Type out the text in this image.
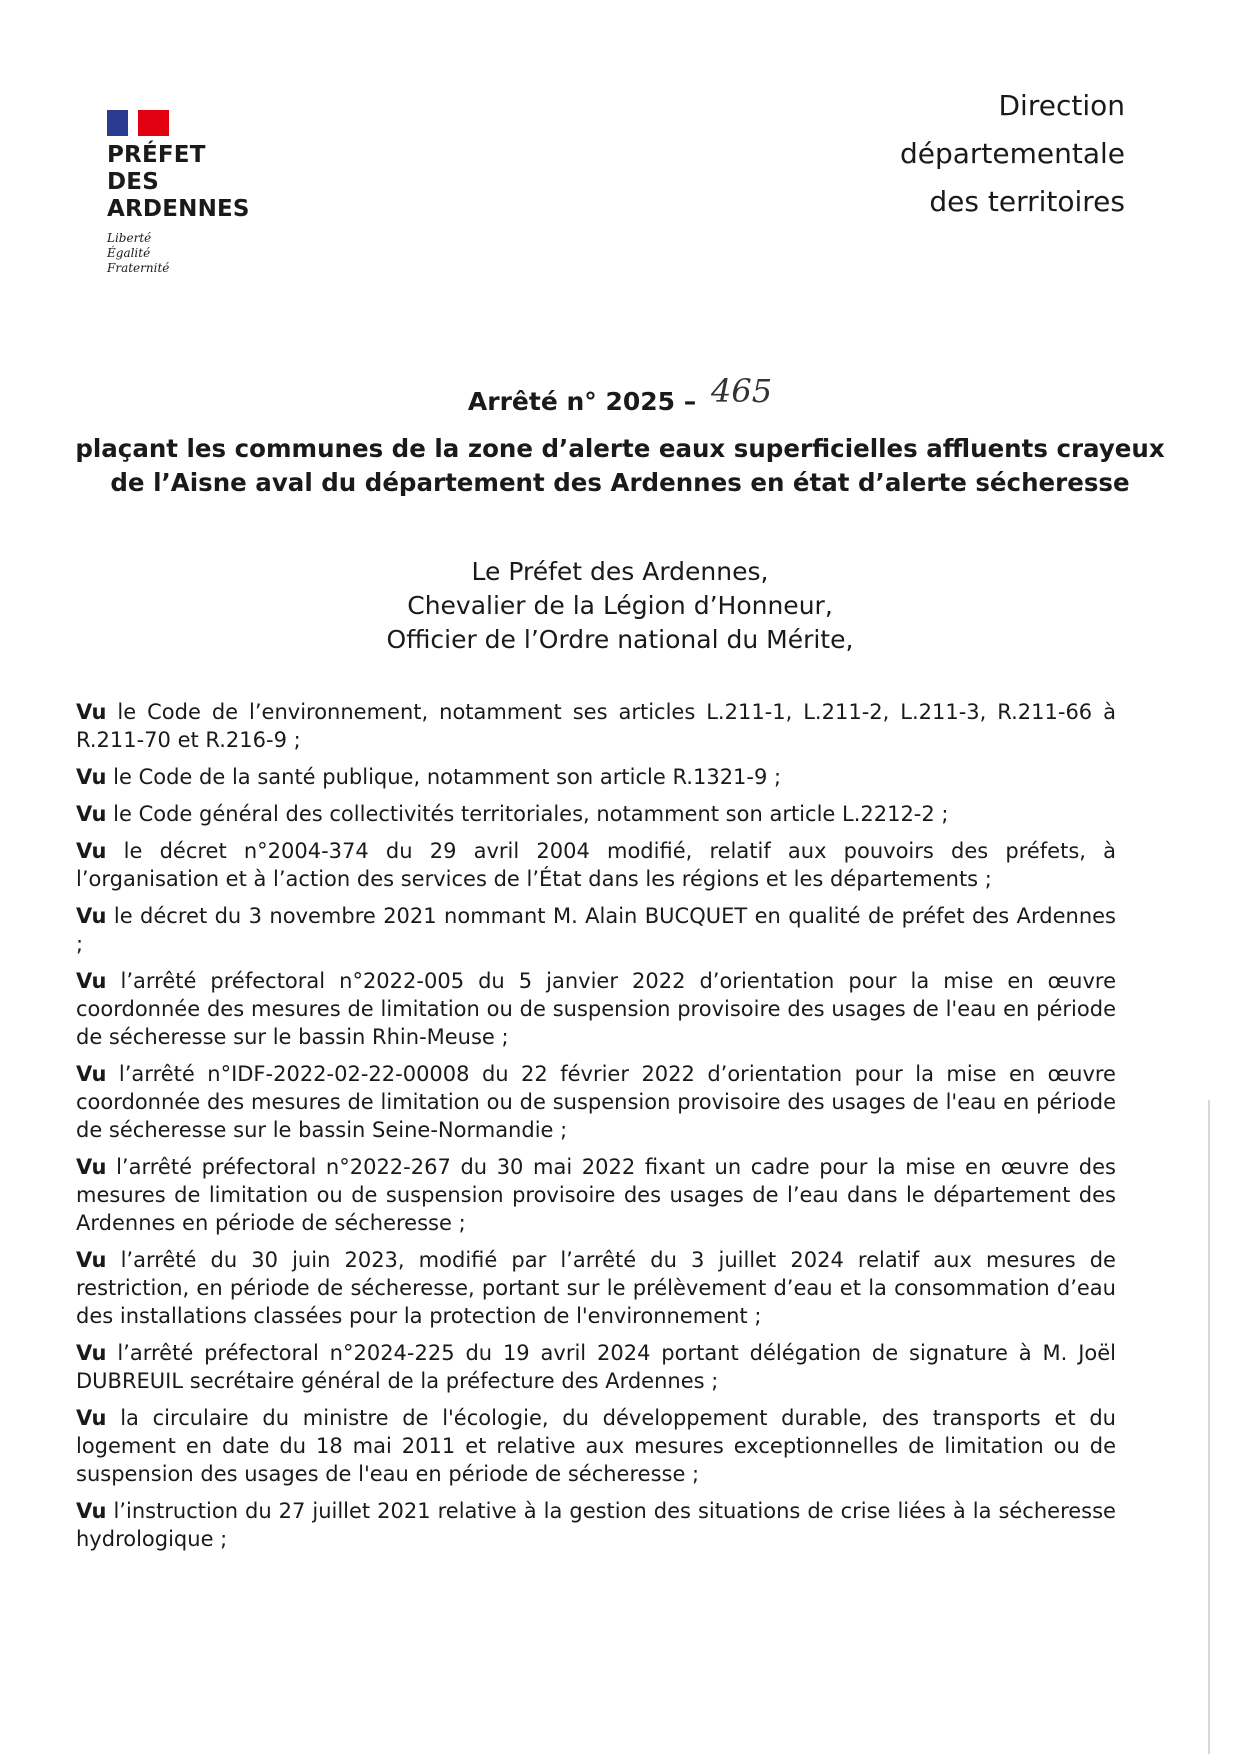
PRÉFET
DES ARDENNES
Liberté
Égalité
Fraternité
Direction
départementale
des territoires
Arrêté n° 2025 – 465
plaçant les communes de la zone d’alerte eaux superficielles affluents crayeux
de l’Aisne aval du département des Ardennes en état d’alerte sécheresse
Le Préfet des Ardennes,
Chevalier de la Légion d’Honneur,
Officier de l’Ordre national du Mérite,

Vu le Code de l’environnement, notamment ses articles L.211-1, L.211-2, L.211-3, R.211-66 à R.211-70 et R.216-9 ;

Vu le Code de la santé publique, notamment son article R.1321-9 ;

Vu le Code général des collectivités territoriales, notamment son article L.2212-2 ;

Vu le décret n°2004-374 du 29 avril 2004 modifié, relatif aux pouvoirs des préfets, à l’organisation et à l’action des services de l’État dans les régions et les départements ;

Vu le décret du 3 novembre 2021 nommant M. Alain BUCQUET en qualité de préfet des Ardennes ;

Vu l’arrêté préfectoral n°2022-005 du 5 janvier 2022 d’orientation pour la mise en œuvre coordonnée des mesures de limitation ou de suspension provisoire des usages de l'eau en période de sécheresse sur le bassin Rhin-Meuse ;

Vu l’arrêté n°IDF-2022-02-22-00008 du 22 février 2022 d’orientation pour la mise en œuvre coordonnée des mesures de limitation ou de suspension provisoire des usages de l'eau en période de sécheresse sur le bassin Seine-Normandie ;

Vu l’arrêté préfectoral n°2022-267 du 30 mai 2022 fixant un cadre pour la mise en œuvre des mesures de limitation ou de suspension provisoire des usages de l’eau dans le département des Ardennes en période de sécheresse ;

Vu l’arrêté du 30 juin 2023, modifié par l’arrêté du 3 juillet 2024 relatif aux mesures de restriction, en période de sécheresse, portant sur le prélèvement d’eau et la consommation d’eau des installations classées pour la protection de l'environnement ;

Vu l’arrêté préfectoral n°2024-225 du 19 avril 2024 portant délégation de signature à M. Joël DUBREUIL secrétaire général de la préfecture des Ardennes ;

Vu la circulaire du ministre de l'écologie, du développement durable, des transports et du logement en date du 18 mai 2011 et relative aux mesures exceptionnelles de limitation ou de suspension des usages de l'eau en période de sécheresse ;

Vu l’instruction du 27 juillet 2021 relative à la gestion des situations de crise liées à la sécheresse hydrologique ;
